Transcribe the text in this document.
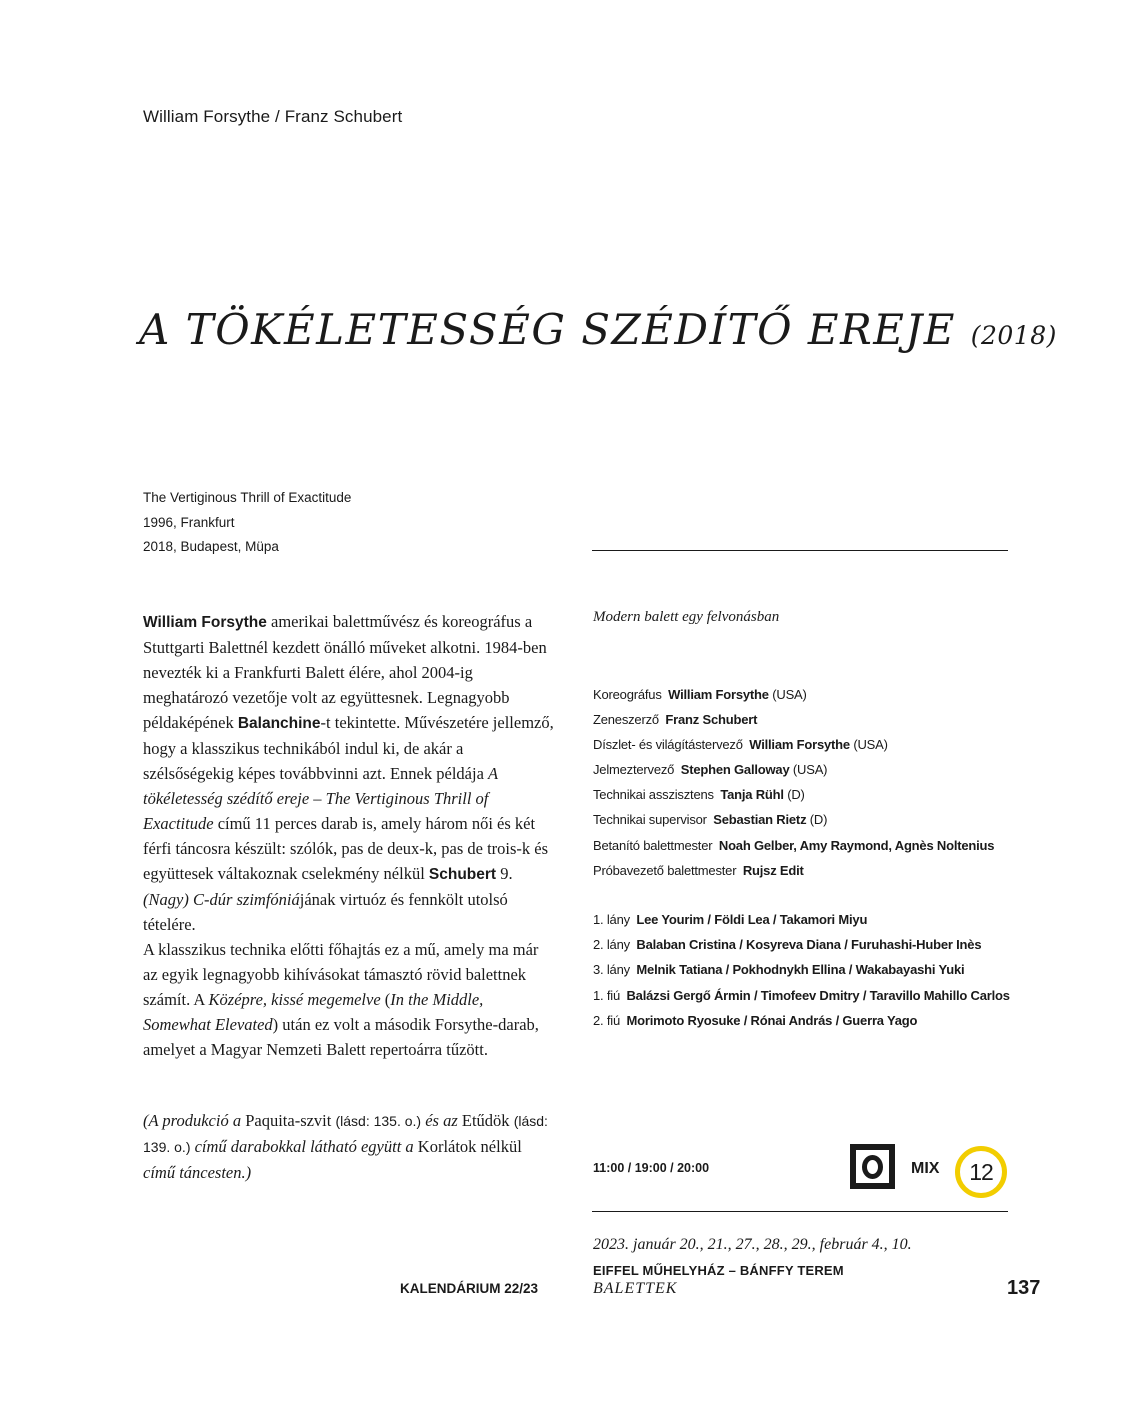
William Forsythe / Franz Schubert
A TÖKÉLETESSÉG SZÉDÍTŐ EREJE (2018)
The Vertiginous Thrill of Exactitude
1996, Frankfurt
2018, Budapest, Müpa

William Forsythe amerikai balettművész és koreográfus a Stuttgarti Balettnél kezdett önálló műveket alkotni. 1984-ben nevezték ki a Frankfurti Balett élére, ahol 2004-ig meghatározó vezetője volt az együttesnek. Legnagyobb példaképének Balanchine-t tekintette. Művészetére jellemző, hogy a klasszikus technikából indul ki, de akár a szélsőségekig képes továbbvinni azt. Ennek példája A tökéletesség szédítő ereje – The Vertiginous Thrill of Exactitude című 11 perces darab is, amely három női és két férfi táncosra készült: szólók, pas de deux-k, pas de trois-k és együttesek váltakoznak cselekmény nélkül Schubert 9. (Nagy) C-dúr szimfóniájának virtuóz és fennkölt utolsó tételére.

A klasszikus technika előtti főhajtás ez a mű, amely ma már az egyik legnagyobb kihívásokat támasztó rövid balettnek számít. A Középre, kissé megemelve (In the Middle, Somewhat Elevated) után ez volt a második Forsythe-darab, amelyet a Magyar Nemzeti Balett repertoárra tűzött.

(A produkció a Paquita-szvit (lásd: 135. o.) és az Etűdök (lásd: 139. o.) című darabokkal látható együtt a Korlátok nélkül című táncesten.)
Modern balett egy felvonásban
Koreográfus  William Forsythe (USA)
Zeneszerző  Franz Schubert
Díszlet- és világítástervező  William Forsythe (USA)
Jelmeztervező  Stephen Galloway (USA)
Technikai asszisztens  Tanja Rühl (D)
Technikai supervisor  Sebastian Rietz (D)
Betanító balettmester  Noah Gelber, Amy Raymond, Agnès Noltenius
Próbavezető balettmester  Rujsz Edit
1. lány  Lee Yourim / Földi Lea / Takamori Miyu
2. lány  Balaban Cristina / Kosyreva Diana / Furuhashi-Huber Inès
3. lány  Melnik Tatiana / Pokhodnykh Ellina / Wakabayashi Yuki
1. fiú  Balázsi Gergő Ármin / Timofeev Dmitry / Taravillo Mahillo Carlos
2. fiú  Morimoto Ryosuke / Rónai András / Guerra Yago
11:00 / 19:00 / 20:00	MIX	12
2023. január 20., 21., 27., 28., 29., február 4., 10.
EIFFEL MŰHELYHÁZ – BÁNFFY TEREM
KALENDÁRIUM 22/23	BALETTEK	137
